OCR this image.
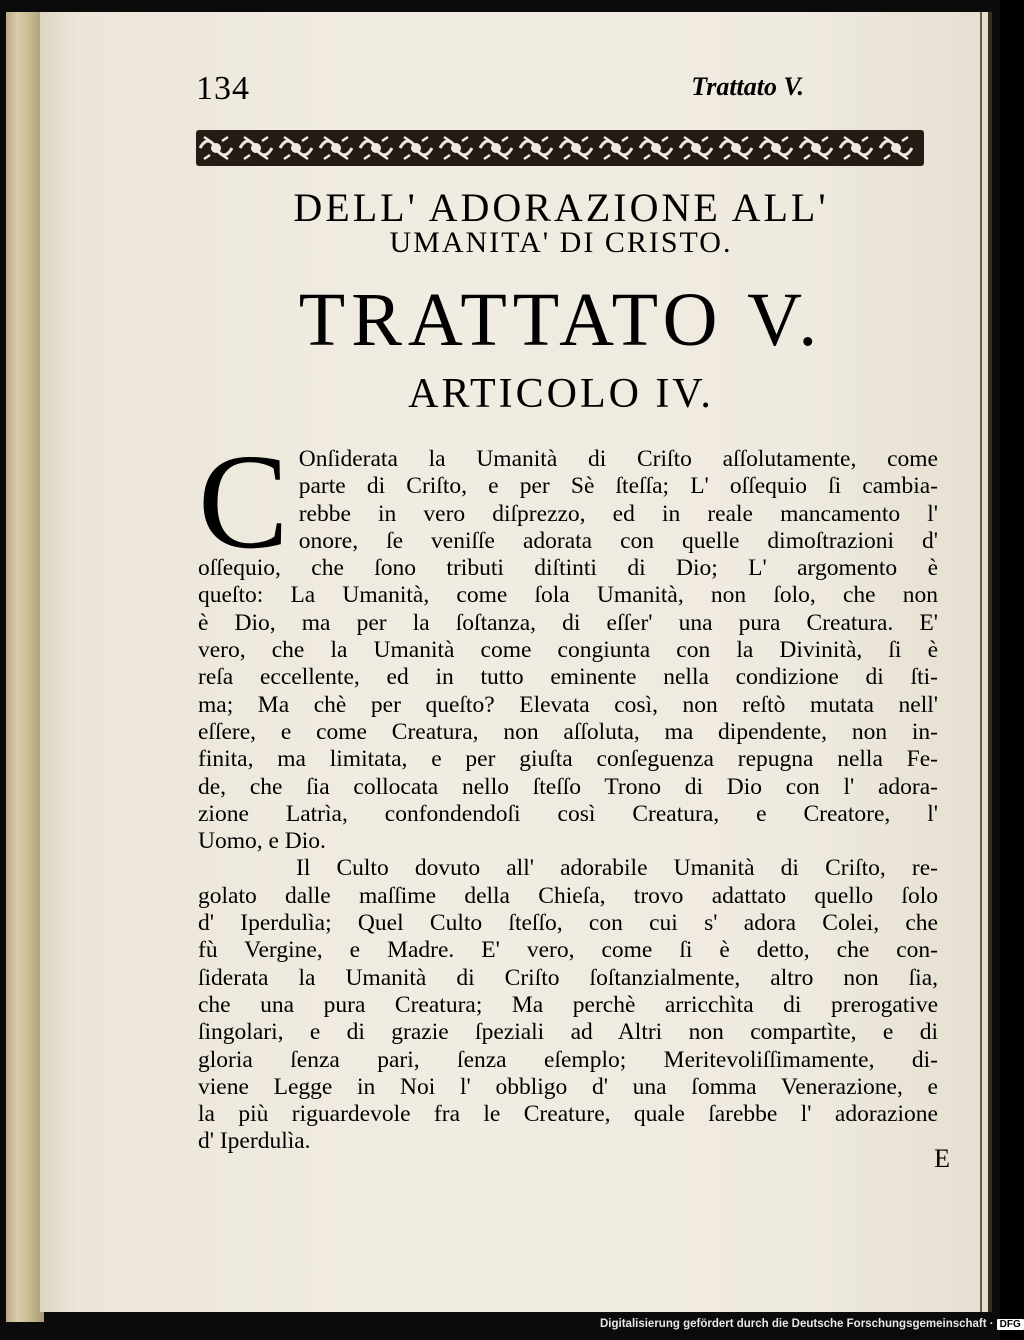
134	Trattato V.
DELL' ADORAZIONE ALL'
UMANITA' DI CRISTO.
TRATTATO V.
ARTICOLO IV.
C Onſiderata la Umanità di Criſto aſſolutamente, come
parte di Criſto, e per Sè ſteſſa; L' oſſequio ſi cambia-
rebbe in vero diſprezzo, ed in reale mancamento l'
onore, ſe veniſſe adorata con quelle dimoſtrazioni d'
oſſequio, che ſono tributi diſtinti di Dio; L' argomento è
queſto: La Umanità, come ſola Umanità, non ſolo, che non
è Dio, ma per la ſoſtanza, di eſſer' una pura Creatura. E'
vero, che la Umanità come congiunta con la Divinità, ſi è
reſa eccellente, ed in tutto eminente nella condizione di ſti-
ma; Ma chè per queſto? Elevata così, non reſtò mutata nell'
eſſere, e come Creatura, non aſſoluta, ma dipendente, non in-
finita, ma limitata, e per giuſta conſeguenza repugna nella Fe-
de, che ſia collocata nello ſteſſo Trono di Dio con l' adora-
zione Latrìa, confondendoſi così Creatura, e Creatore, l'
Uomo, e Dio.
Il Culto dovuto all' adorabile Umanità di Criſto, re-
golato dalle maſſime della Chieſa, trovo adattato quello ſolo
d' Iperdulìa; Quel Culto ſteſſo, con cui s' adora Colei, che
fù Vergine, e Madre. E' vero, come ſi è detto, che con-
ſiderata la Umanità di Criſto ſoſtanzialmente, altro non ſia,
che una pura Creatura; Ma perchè arricchìta di prerogative
ſingolari, e di grazie ſpeziali ad Altri non compartìte, e di
gloria ſenza pari, ſenza eſemplo; Meritevoliſſimamente, di-
viene Legge in Noi l' obbligo d' una ſomma Venerazione, e
la più riguardevole fra le Creature, quale ſarebbe l' adorazione
d' Iperdulìa.
E
Digitalisierung gefördert durch die Deutsche Forschungsgemeinschaft · DFG
